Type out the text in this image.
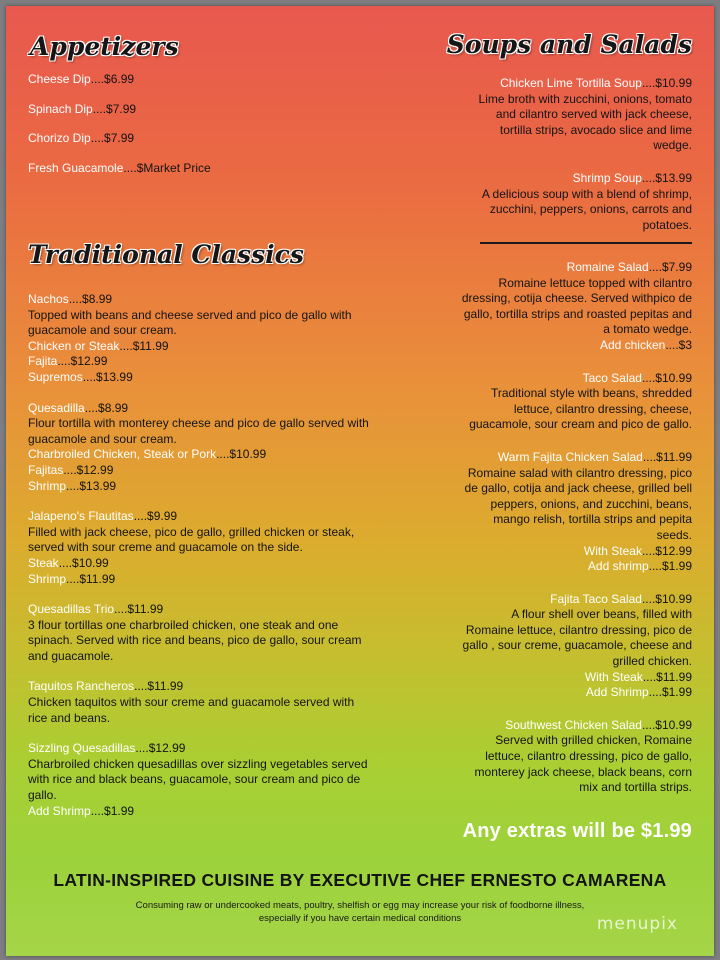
Appetizers
Cheese Dip....$6.99
Spinach Dip....$7.99
Chorizo Dip....$7.99
Fresh Guacamole....$Market Price
Traditional Classics
Nachos....$8.99
Topped with beans and cheese served and pico de gallo with
guacamole and sour cream.
Chicken or Steak....$11.99
Fajita....$12.99
Supremos....$13.99
Quesadilla....$8.99
Flour tortilla with monterey cheese and pico de gallo served with
guacamole and sour cream.
Charbroiled Chicken, Steak or Pork....$10.99
Fajitas....$12.99
Shrimp....$13.99
Jalapeno's Flautitas....$9.99
Filled with jack cheese, pico de gallo, grilled chicken or steak,
served with sour creme and guacamole on the side.
Steak....$10.99
Shrimp....$11.99
Quesadillas Trio....$11.99
3 flour tortillas one charbroiled chicken, one steak and one
spinach. Served with rice and beans, pico de gallo, sour cream
and guacamole.
Taquitos Rancheros....$11.99
Chicken taquitos with sour creme and guacamole served with
rice and beans.
Sizzling Quesadillas....$12.99
Charbroiled chicken quesadillas over sizzling vegetables served
with rice and black beans, guacamole, sour cream and pico de
gallo.
Add Shrimp....$1.99
Soups and Salads
Chicken Lime Tortilla Soup....$10.99
Lime broth with zucchini, onions, tomato
and cilantro served with jack cheese,
tortilla strips, avocado slice and lime
wedge.
Shrimp Soup....$13.99
A delicious soup with a blend of shrimp,
zucchini, peppers, onions, carrots and
potatoes.
Romaine Salad....$7.99
Romaine lettuce topped with cilantro
dressing, cotija cheese. Served withpico de
gallo, tortilla strips and roasted pepitas and
a tomato wedge.
Add chicken....$3
Taco Salad....$10.99
Traditional style with beans, shredded
lettuce, cilantro dressing, cheese,
guacamole, sour cream and pico de gallo.
Warm Fajita Chicken Salad....$11.99
Romaine salad with cilantro dressing, pico
de gallo, cotija and jack cheese, grilled bell
peppers, onions, and zucchini, beans,
mango relish, tortilla strips and pepita
seeds.
With Steak....$12.99
Add shrimp....$1.99
Fajita Taco Salad....$10.99
A flour shell over beans, filled with
Romaine lettuce, cilantro dressing, pico de
gallo , sour creme, guacamole, cheese and
grilled chicken.
With Steak....$11.99
Add Shrimp....$1.99
Southwest Chicken Salad....$10.99
Served with grilled chicken, Romaine
lettuce, cilantro dressing, pico de gallo,
monterey jack cheese, black beans, corn
mix and tortilla strips.
Any extras will be $1.99
LATIN-INSPIRED CUISINE BY EXECUTIVE CHEF ERNESTO CAMARENA
Consuming raw or undercooked meats, poultry, shelfish or egg may increase your risk of foodborne illness,
especially if you have certain medical conditions	menupix
